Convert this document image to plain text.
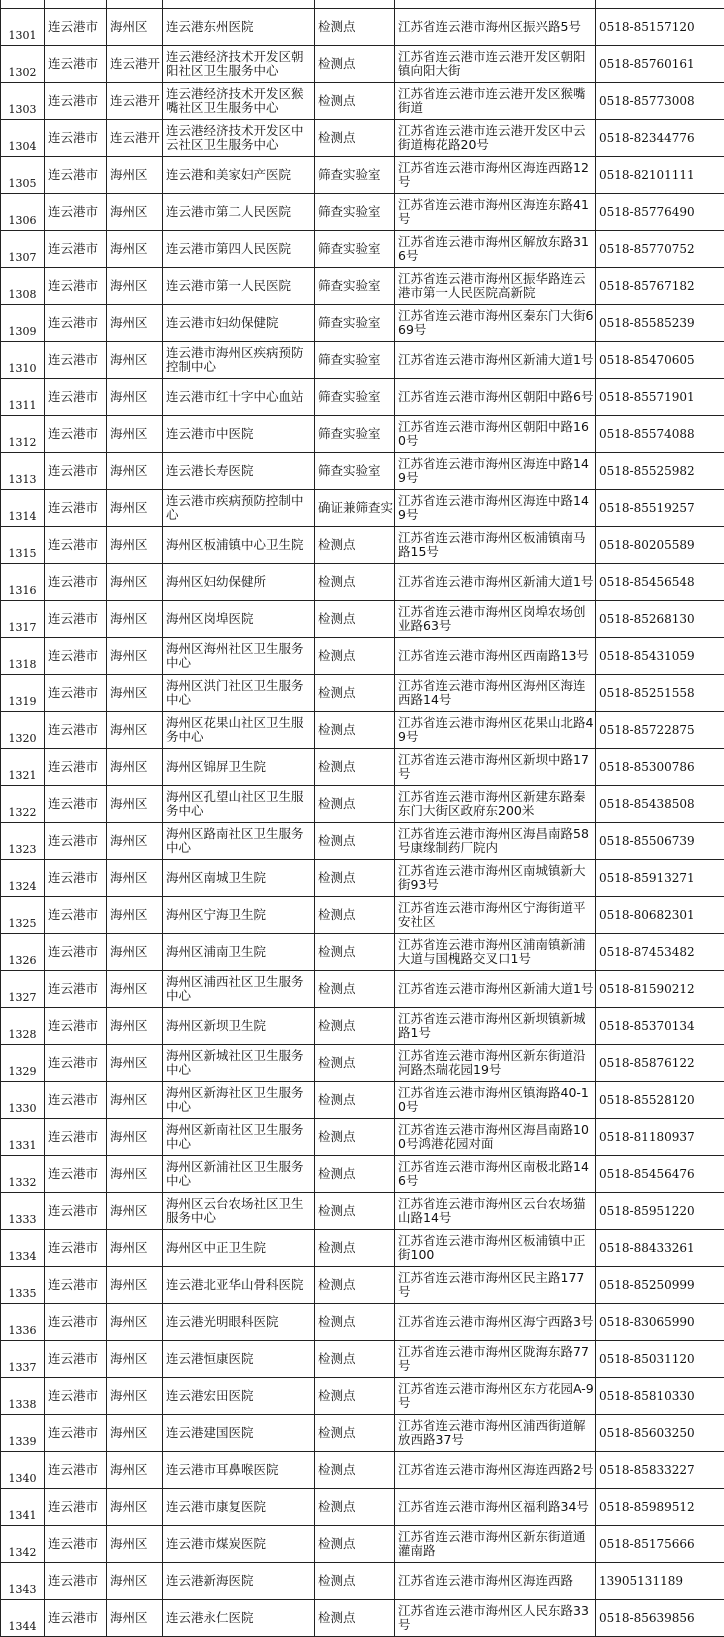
1301	连云港市	海州区	连云港东州医院	检测点	江苏省连云港市海州区振兴路5号	0518-85157120
1302	连云港市	连云港开	连云港经济技术开发区朝阳社区卫生服务中心	检测点	江苏省连云港市连云港开发区朝阳镇向阳大街	0518-85760161
1303	连云港市	连云港开	连云港经济技术开发区猴嘴社区卫生服务中心	检测点	江苏省连云港市连云港开发区猴嘴街道	0518-85773008
1304	连云港市	连云港开	连云港经济技术开发区中云社区卫生服务中心	检测点	江苏省连云港市连云港开发区中云街道梅花路20号	0518-82344776
1305	连云港市	海州区	连云港和美家妇产医院	筛查实验室	江苏省连云港市海州区海连西路12号	0518-82101111
1306	连云港市	海州区	连云港市第二人民医院	筛查实验室	江苏省连云港市海州区海连东路41号	0518-85776490
1307	连云港市	海州区	连云港市第四人民医院	筛查实验室	江苏省连云港市海州区解放东路316号	0518-85770752
1308	连云港市	海州区	连云港市第一人民医院	筛查实验室	江苏省连云港市海州区振华路连云港市第一人民医院高新院	0518-85767182
1309	连云港市	海州区	连云港市妇幼保健院	筛查实验室	江苏省连云港市海州区秦东门大街669号	0518-85585239
1310	连云港市	海州区	连云港市海州区疾病预防控制中心	筛查实验室	江苏省连云港市海州区新浦大道1号	0518-85470605
1311	连云港市	海州区	连云港市红十字中心血站	筛查实验室	江苏省连云港市海州区朝阳中路6号	0518-85571901
1312	连云港市	海州区	连云港市中医院	筛查实验室	江苏省连云港市海州区朝阳中路160号	0518-85574088
1313	连云港市	海州区	连云港长寿医院	筛查实验室	江苏省连云港市海州区海连中路149号	0518-85525982
1314	连云港市	海州区	连云港市疾病预防控制中心	确证兼筛查实	江苏省连云港市海州区海连中路149号	0518-85519257
1315	连云港市	海州区	海州区板浦镇中心卫生院	检测点	江苏省连云港市海州区板浦镇南马路15号	0518-80205589
1316	连云港市	海州区	海州区妇幼保健所	检测点	江苏省连云港市海州区新浦大道1号	0518-85456548
1317	连云港市	海州区	海州区岗埠医院	检测点	江苏省连云港市海州区岗埠农场创业路63号	0518-85268130
1318	连云港市	海州区	海州区海州社区卫生服务中心	检测点	江苏省连云港市海州区西南路13号	0518-85431059
1319	连云港市	海州区	海州区洪门社区卫生服务中心	检测点	江苏省连云港市海州区海州区海连西路14号	0518-85251558
1320	连云港市	海州区	海州区花果山社区卫生服务中心	检测点	江苏省连云港市海州区花果山北路49号	0518-85722875
1321	连云港市	海州区	海州区锦屏卫生院	检测点	江苏省连云港市海州区新坝中路17号	0518-85300786
1322	连云港市	海州区	海州区孔望山社区卫生服务中心	检测点	江苏省连云港市海州区新建东路秦东门大街区政府东200米	0518-85438508
1323	连云港市	海州区	海州区路南社区卫生服务中心	检测点	江苏省连云港市海州区海昌南路58号康缘制药厂院内	0518-85506739
1324	连云港市	海州区	海州区南城卫生院	检测点	江苏省连云港市海州区南城镇新大街93号	0518-85913271
1325	连云港市	海州区	海州区宁海卫生院	检测点	江苏省连云港市海州区宁海街道平安社区	0518-80682301
1326	连云港市	海州区	海州区浦南卫生院	检测点	江苏省连云港市海州区浦南镇新浦大道与国槐路交叉口1号	0518-87453482
1327	连云港市	海州区	海州区浦西社区卫生服务中心	检测点	江苏省连云港市海州区新浦大道1号	0518-81590212
1328	连云港市	海州区	海州区新坝卫生院	检测点	江苏省连云港市海州区新坝镇新城路1号	0518-85370134
1329	连云港市	海州区	海州区新城社区卫生服务中心	检测点	江苏省连云港市海州区新东街道沿河路杰瑞花园19号	0518-85876122
1330	连云港市	海州区	海州区新海社区卫生服务中心	检测点	江苏省连云港市海州区镇海路40-10号	0518-85528120
1331	连云港市	海州区	海州区新南社区卫生服务中心	检测点	江苏省连云港市海州区海昌南路100号鸿港花园对面	0518-81180937
1332	连云港市	海州区	海州区新浦社区卫生服务中心	检测点	江苏省连云港市海州区南极北路146号	0518-85456476
1333	连云港市	海州区	海州区云台农场社区卫生服务中心	检测点	江苏省连云港市海州区云台农场猫山路14号	0518-85951220
1334	连云港市	海州区	海州区中正卫生院	检测点	江苏省连云港市海州区板浦镇中正街100	0518-88433261
1335	连云港市	海州区	连云港北亚华山骨科医院	检测点	江苏省连云港市海州区民主路177号	0518-85250999
1336	连云港市	海州区	连云港光明眼科医院	检测点	江苏省连云港市海州区海宁西路3号	0518-83065990
1337	连云港市	海州区	连云港恒康医院	检测点	江苏省连云港市海州区陇海东路77号	0518-85031120
1338	连云港市	海州区	连云港宏田医院	检测点	江苏省连云港市海州区东方花园A-9号	0518-85810330
1339	连云港市	海州区	连云港建国医院	检测点	江苏省连云港市海州区浦西街道解放西路37号	0518-85603250
1340	连云港市	海州区	连云港市耳鼻喉医院	检测点	江苏省连云港市海州区海连西路2号	0518-85833227
1341	连云港市	海州区	连云港市康复医院	检测点	江苏省连云港市海州区福利路34号	0518-85989512
1342	连云港市	海州区	连云港市煤炭医院	检测点	江苏省连云港市海州区新东街道通灌南路	0518-85175666
1343	连云港市	海州区	连云港新海医院	检测点	江苏省连云港市海州区海连西路	13905131189
1344	连云港市	海州区	连云港永仁医院	检测点	江苏省连云港市海州区人民东路33号	0518-85639856
